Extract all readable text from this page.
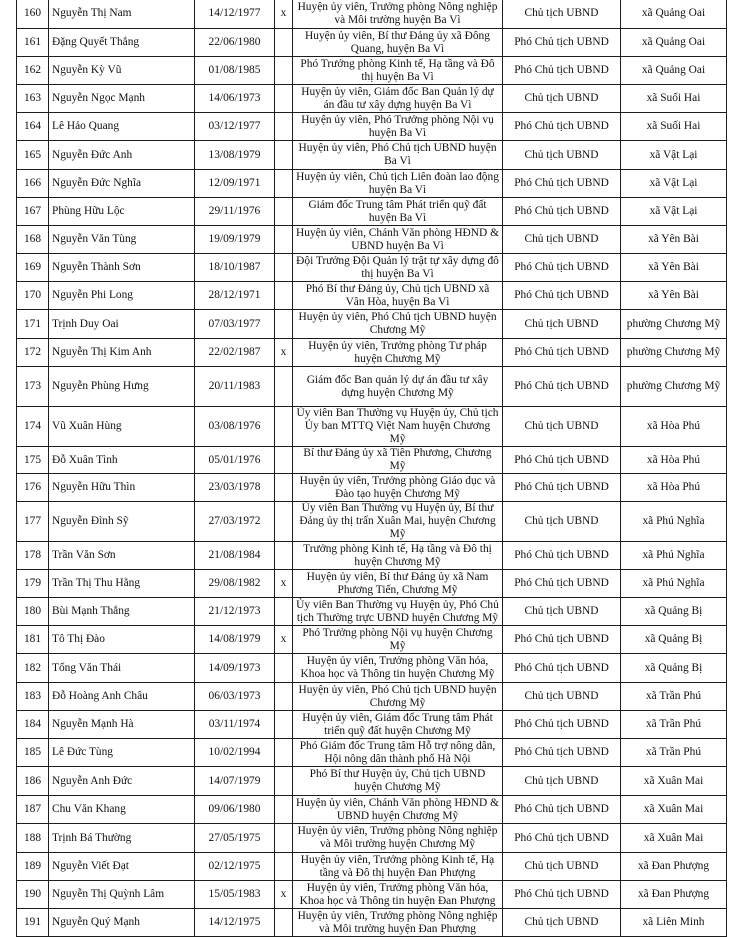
160	Nguyễn Thị Nam	14/12/1977	x	Huyện ủy viên, Trưởng phòng Nông nghiệp và Môi trường huyện Ba Vì	Chủ tịch UBND	xã Quảng Oai
161	Đặng Quyết Thắng	22/06/1980		Huyện ủy viên, Bí thư Đảng ủy xã Đông Quang, huyện Ba Vì	Phó Chủ tịch UBND	xã Quảng Oai
162	Nguyễn Kỳ Vũ	01/08/1985		Phó Trưởng phòng Kinh tế, Hạ tầng và Đô thị huyện Ba Vì	Phó Chủ tịch UBND	xã Quảng Oai
163	Nguyễn Ngọc Mạnh	14/06/1973		Huyện ủy viên, Giám đốc Ban Quản lý dự án đầu tư xây dựng huyện Ba Vì	Chủ tịch UBND	xã Suối Hai
164	Lê Hảo Quang	03/12/1977		Huyện ủy viên, Phó Trưởng phòng Nội vụ huyện Ba Vì	Phó Chủ tịch UBND	xã Suối Hai
165	Nguyễn Đức Anh	13/08/1979		Huyện ủy viên, Phó Chủ tịch UBND huyện Ba Vì	Chủ tịch UBND	xã Vật Lại
166	Nguyễn Đức Nghĩa	12/09/1971		Huyện ủy viên, Chủ tịch Liên đoàn lao động huyện Ba Vì	Phó Chủ tịch UBND	xã Vật Lại
167	Phùng Hữu Lộc	29/11/1976		Giám đốc Trung tâm Phát triển quỹ đất huyện Ba Vì	Phó Chủ tịch UBND	xã Vật Lại
168	Nguyễn Văn Tùng	19/09/1979		Huyện ủy viên, Chánh Văn phòng HĐND & UBND huyện Ba Vì	Chủ tịch UBND	xã Yên Bài
169	Nguyễn Thành Sơn	18/10/1987		Đội Trưởng Đội Quản lý trật tự xây dựng đô thị huyện Ba Vì	Phó Chủ tịch UBND	xã Yên Bài
170	Nguyễn Phi Long	28/12/1971		Phó Bí thư Đảng ủy, Chủ tịch UBND xã Vân Hòa, huyện Ba Vì	Phó Chủ tịch UBND	xã Yên Bài
171	Trịnh Duy Oai	07/03/1977		Huyện ủy viên, Phó Chủ tịch UBND huyện Chương Mỹ	Chủ tịch UBND	phường Chương Mỹ
172	Nguyễn Thị Kim Anh	22/02/1987	x	Huyện ủy viên, Trưởng phòng Tư pháp huyện Chương Mỹ	Phó Chủ tịch UBND	phường Chương Mỹ
173	Nguyễn Phùng Hưng	20/11/1983		Giám đốc Ban quản lý dự án đầu tư xây dựng huyện Chương Mỹ	Phó Chủ tịch UBND	phường Chương Mỹ
174	Vũ Xuân Hùng	03/08/1976		Ủy viên Ban Thường vụ Huyện ủy, Chủ tịch Ủy ban MTTQ Việt Nam huyện Chương Mỹ	Chủ tịch UBND	xã Hòa Phú
175	Đỗ Xuân Tình	05/01/1976		Bí thư Đảng ủy xã Tiên Phương, Chương Mỹ	Phó Chủ tịch UBND	xã Hòa Phú
176	Nguyễn Hữu Thìn	23/03/1978		Huyện ủy viên, Trưởng phòng Giáo dục và Đào tạo huyện Chương Mỹ	Phó Chủ tịch UBND	xã Hòa Phú
177	Nguyễn Đình Sỹ	27/03/1972		Ủy viên Ban Thường vụ Huyện ủy, Bí thư Đảng ủy thị trấn Xuân Mai, huyện Chương Mỹ	Chủ tịch UBND	xã Phú Nghĩa
178	Trần Văn Sơn	21/08/1984		Trưởng phòng Kinh tế, Hạ tầng và Đô thị huyện Chương Mỹ	Phó Chủ tịch UBND	xã Phú Nghĩa
179	Trần Thị Thu Hằng	29/08/1982	x	Huyện ủy viên, Bí thư Đảng ủy xã Nam Phương Tiến, Chương Mỹ	Phó Chủ tịch UBND	xã Phú Nghĩa
180	Bùi Mạnh Thắng	21/12/1973		Ủy viên Ban Thường vụ Huyện ủy, Phó Chủ tịch Thường trực UBND huyện Chương Mỹ	Chủ tịch UBND	xã Quảng Bị
181	Tô Thị Đào	14/08/1979	x	Phó Trưởng phòng Nội vụ huyện Chương Mỹ	Phó Chủ tịch UBND	xã Quảng Bị
182	Tống Văn Thái	14/09/1973		Huyện ủy viên, Trưởng phòng Văn hóa, Khoa học và Thông tin huyện Chương Mỹ	Phó Chủ tịch UBND	xã Quảng Bị
183	Đỗ Hoàng Anh Châu	06/03/1973		Huyện ủy viên, Phó Chủ tịch UBND huyện Chương Mỹ	Chủ tịch UBND	xã Trần Phú
184	Nguyễn Mạnh Hà	03/11/1974		Huyện ủy viên, Giám đốc Trung tâm Phát triển quỹ đất huyện Chương Mỹ	Phó Chủ tịch UBND	xã Trần Phú
185	Lê Đức Tùng	10/02/1994		Phó Giám đốc Trung tâm Hỗ trợ nông dân, Hội nông dân thành phố Hà Nội	Phó Chủ tịch UBND	xã Trần Phú
186	Nguyễn Anh Đức	14/07/1979		Phó Bí thư Huyện ủy, Chủ tịch UBND huyện Chương Mỹ	Chủ tịch UBND	xã Xuân Mai
187	Chu Văn Khang	09/06/1980		Huyện ủy viên, Chánh Văn phòng HĐND & UBND huyện Chương Mỹ	Phó Chủ tịch UBND	xã Xuân Mai
188	Trịnh Bá Thường	27/05/1975		Huyện ủy viên, Trưởng phòng Nông nghiệp và Môi trường huyện Chương Mỹ	Phó Chủ tịch UBND	xã Xuân Mai
189	Nguyễn Viết Đạt	02/12/1975		Huyện ủy viên, Trưởng phòng Kinh tế, Hạ tầng và Đô thị huyện Đan Phượng	Chủ tịch UBND	xã Đan Phượng
190	Nguyễn Thị Quỳnh Lâm	15/05/1983	x	Huyện ủy viên, Trưởng phòng Văn hóa, Khoa học và Thông tin huyện Đan Phượng	Phó Chủ tịch UBND	xã Đan Phượng
191	Nguyễn Quý Mạnh	14/12/1975		Huyện ủy viên, Trưởng phòng Nông nghiệp và Môi trường huyện Đan Phượng	Chủ tịch UBND	xã Liên Minh
